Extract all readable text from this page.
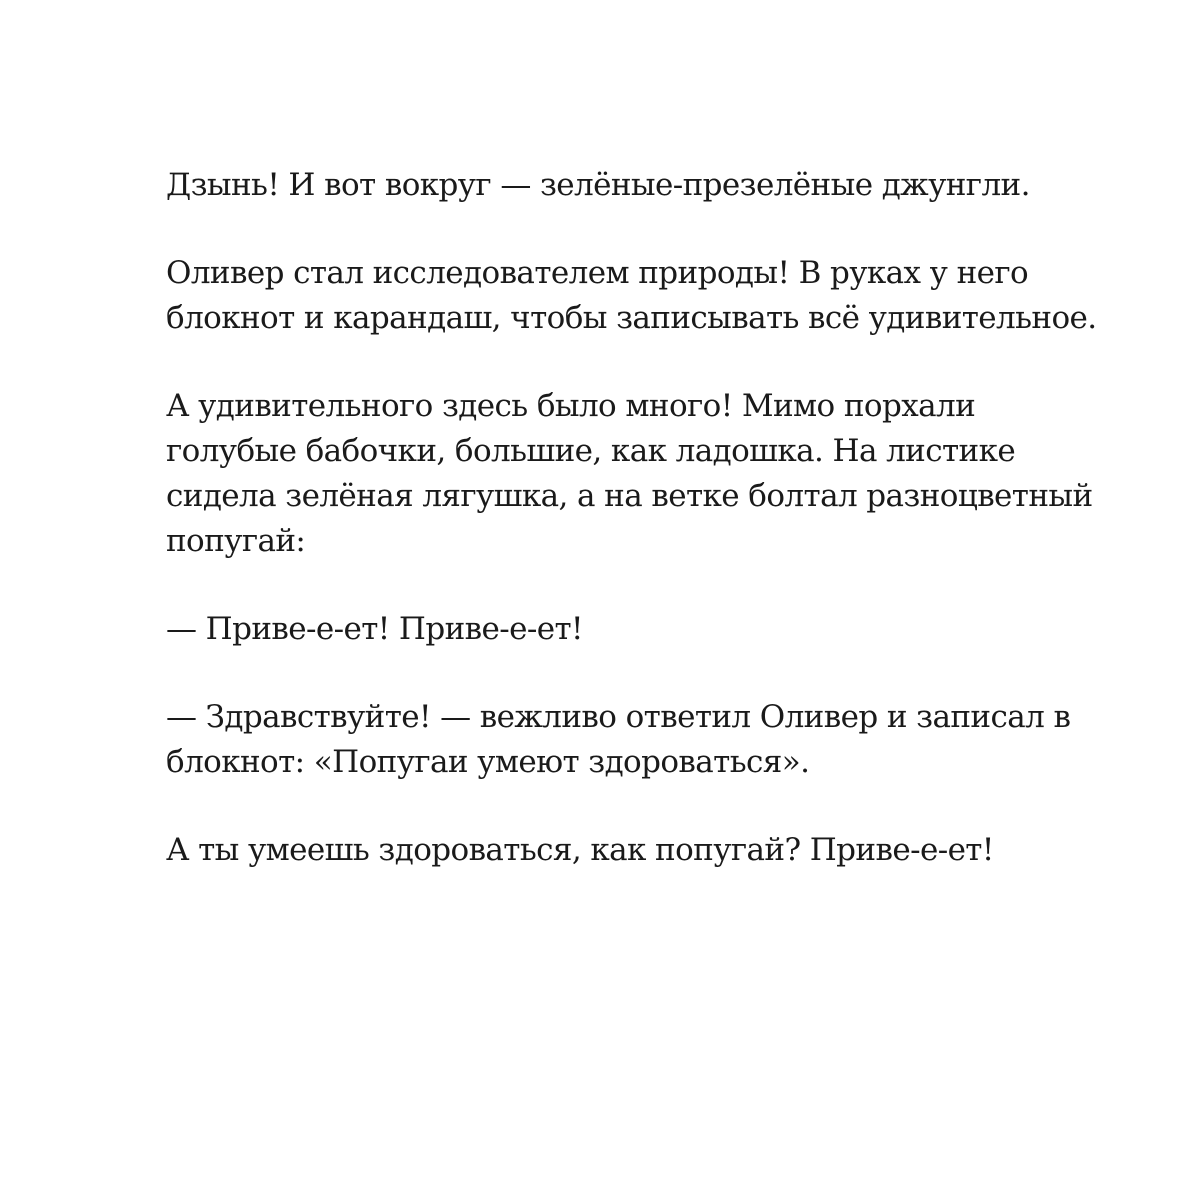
Дзынь! И вот вокруг — зелёные-презелёные джунгли.

Оливер стал исследователем природы! В руках у него
блокнот и карандаш, чтобы записывать всё удивительное.

А удивительного здесь было много! Мимо порхали
голубые бабочки, большие, как ладошка. На листике
сидела зелёная лягушка, а на ветке болтал разноцветный
попугай:

— Приве-е-ет! Приве-е-ет!

— Здравствуйте! — вежливо ответил Оливер и записал в
блокнот: «Попугаи умеют здороваться».

А ты умеешь здороваться, как попугай? Приве-е-ет!
